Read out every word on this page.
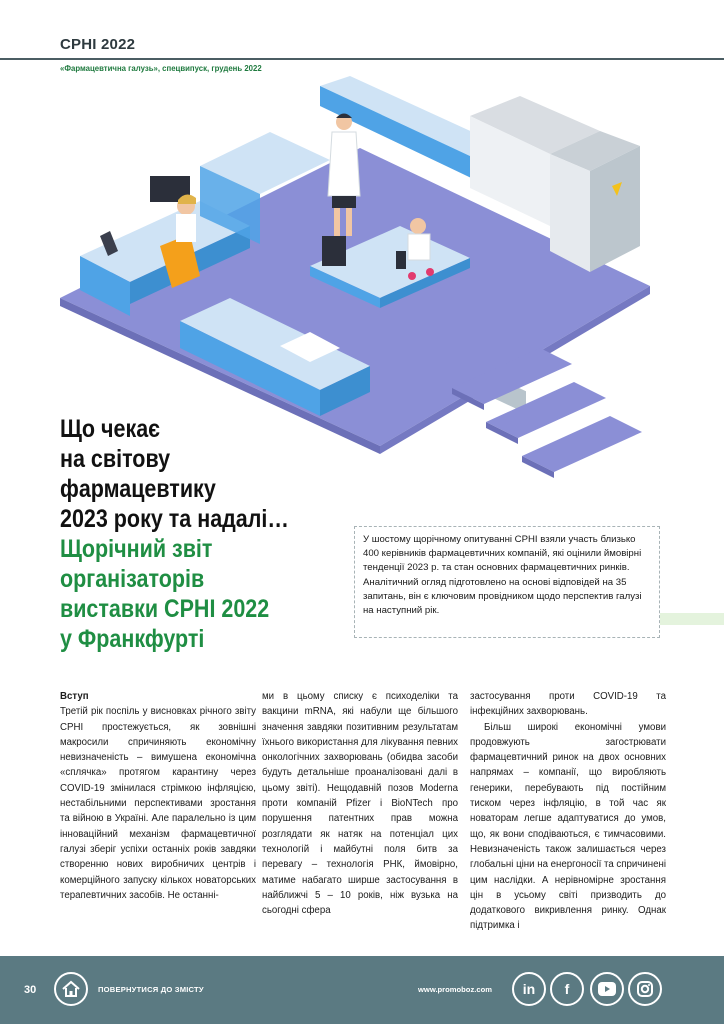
CPHI 2022
«Фармацевтична галузь», спецвипуск, грудень 2022
Що чекає
на світову
фармацевтику
2023 року та надалі…
Щорічний звіт
організаторів
виставки CPHI 2022
у Франкфурті
У шостому щорічному опитуванні CPHI взяли участь близько 400 керівників фармацевтичних компаній, які оцінили ймовірні тенденції 2023 р. та стан основних фармацевтичних ринків. Аналітичний огляд підготовлено на основі відповідей на 35 запитань, він є ключовим провідником щодо перспектив галузі на наступний рік.
Вступ
Третій рік поспіль у висновках річного звіту CPHI простежується, як зовнішні макросили спричиняють економічну невизначеність – вимушена економічна «сплячка» протягом карантину через COVID-19 змінилася стрімкою інфляцією, нестабільними перспективами зростання та війною в Україні. Але паралельно із цим інноваційний механізм фармацевтичної галузі зберіг успіхи останніх років завдяки створенню нових виробничих центрів і комерційного запуску кількох новаторських терапевтичних засобів. Не останні-
ми в цьому списку є психоделіки та вакцини mRNA, які набули ще більшого значення завдяки позитивним результатам їхнього використання для лікування певних онкологічних захворювань (обидва засоби будуть детальніше проаналізовані далі в цьому звіті). Нещодавній позов Moderna проти компаній Pfizer і BioNTech про порушення патентних прав можна розглядати як натяк на потенціал цих технологій і майбутні поля битв за перевагу – технологія РНК, ймовірно, матиме набагато ширше застосування в найближчі 5 – 10 років, ніж вузька на сьогодні сфера
застосування проти COVID-19 та інфекційних захворювань.
Більш широкі економічні умови продовжують загострювати фармацевтичний ринок на двох основних напрямах – компанії, що виробляють генерики, перебувають під постійним тиском через інфляцію, в той час як новаторам легше адаптуватися до умов, що, як вони сподіваються, є тимчасовими. Невизначеність також залишається через глобальні ціни на енергоносії та спричинені цим наслідки. А нерівномірне зростання цін в усьому світі призводить до додаткового викривлення ринку. Однак підтримка і
30	ПОВЕРНУТИСЯ ДО ЗМІСТУ	www.promoboz.com in f
